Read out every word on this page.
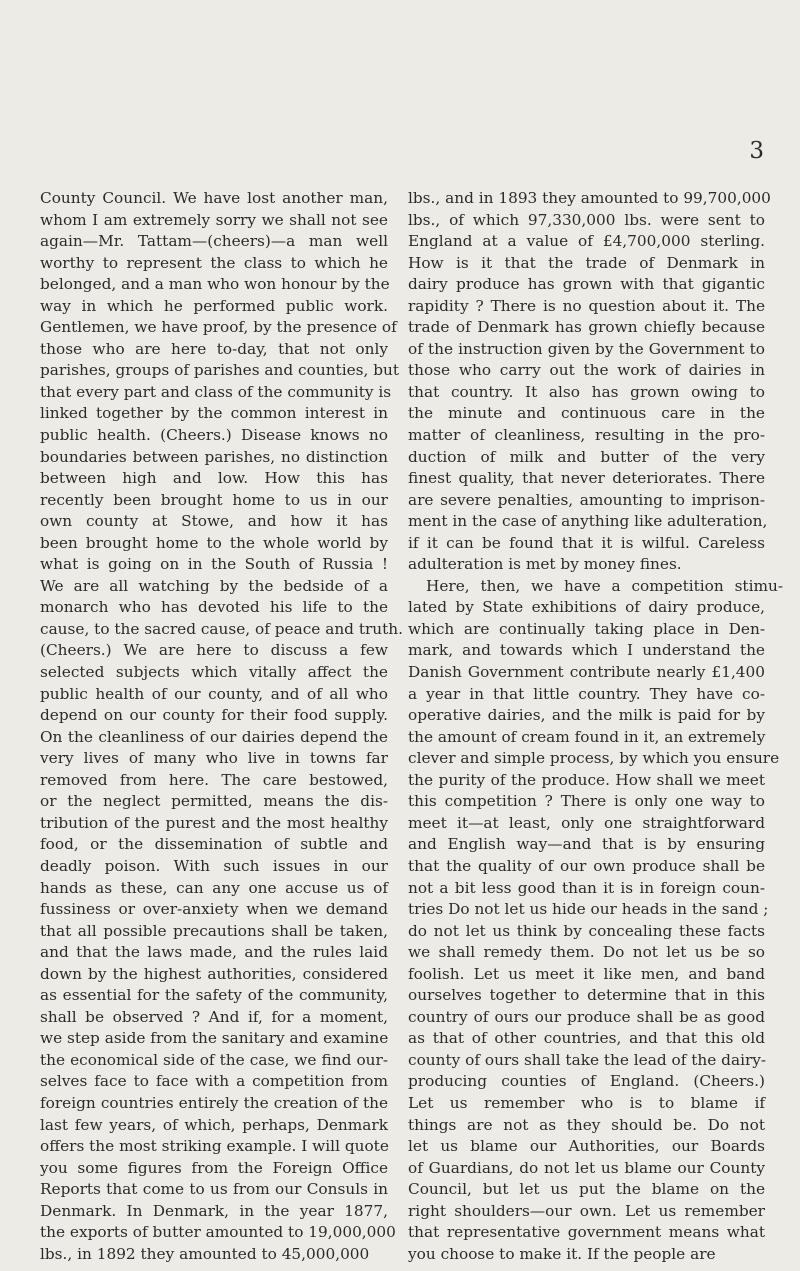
3
County Council. We have lost another man,
whom I am extremely sorry we shall not see
again—Mr. Tattam—(cheers)—a man well
worthy to represent the class to which he
belonged, and a man who won honour by the
way in which he performed public work.
Gentlemen, we have proof, by the presence of
those who are here to-day, that not only
parishes, groups of parishes and counties, but
that every part and class of the community is
linked together by the common interest in
public health. (Cheers.) Disease knows no
boundaries between parishes, no distinction
between high and low. How this has
recently been brought home to us in our
own county at Stowe, and how it has
been brought home to the whole world by
what is going on in the South of Russia !
We are all watching by the bedside of a
monarch who has devoted his life to the
cause, to the sacred cause, of peace and truth.
(Cheers.) We are here to discuss a few
selected subjects which vitally affect the
public health of our county, and of all who
depend on our county for their food supply.
On the cleanliness of our dairies depend the
very lives of many who live in towns far
removed from here. The care bestowed,
or the neglect permitted, means the dis-
tribution of the purest and the most healthy
food, or the dissemination of subtle and
deadly poison. With such issues in our
hands as these, can any one accuse us of
fussiness or over-anxiety when we demand
that all possible precautions shall be taken,
and that the laws made, and the rules laid
down by the highest authorities, considered
as essential for the safety of the community,
shall be observed ? And if, for a moment,
we step aside from the sanitary and examine
the economical side of the case, we find our-
selves face to face with a competition from
foreign countries entirely the creation of the
last few years, of which, perhaps, Denmark
offers the most striking example. I will quote
you some figures from the Foreign Office
Reports that come to us from our Consuls in
Denmark. In Denmark, in the year 1877,
the exports of butter amounted to 19,000,000
lbs., in 1892 they amounted to 45,000,000
lbs., and in 1893 they amounted to 99,700,000
lbs., of which 97,330,000 lbs. were sent to
England at a value of £4,700,000 sterling.
How is it that the trade of Denmark in
dairy produce has grown with that gigantic
rapidity ? There is no question about it. The
trade of Denmark has grown chiefly because
of the instruction given by the Government to
those who carry out the work of dairies in
that country. It also has grown owing to
the minute and continuous care in the
matter of cleanliness, resulting in the pro-
duction of milk and butter of the very
finest quality, that never deteriorates. There
are severe penalties, amounting to imprison-
ment in the case of anything like adulteration,
if it can be found that it is wilful. Careless
adulteration is met by money fines.
Here, then, we have a competition stimu-
lated by State exhibitions of dairy produce,
which are continually taking place in Den-
mark, and towards which I understand the
Danish Government contribute nearly £1,400
a year in that little country. They have co-
operative dairies, and the milk is paid for by
the amount of cream found in it, an extremely
clever and simple process, by which you ensure
the purity of the produce. How shall we meet
this competition ? There is only one way to
meet it—at least, only one straightforward
and English way—and that is by ensuring
that the quality of our own produce shall be
not a bit less good than it is in foreign coun-
tries Do not let us hide our heads in the sand ;
do not let us think by concealing these facts
we shall remedy them. Do not let us be so
foolish. Let us meet it like men, and band
ourselves together to determine that in this
country of ours our produce shall be as good
as that of other countries, and that this old
county of ours shall take the lead of the dairy-
producing counties of England. (Cheers.)
Let us remember who is to blame if
things are not as they should be. Do not
let us blame our Authorities, our Boards
of Guardians, do not let us blame our County
Council, but let us put the blame on the
right shoulders—our own. Let us remember
that representative government means what
you choose to make it. If the people are
